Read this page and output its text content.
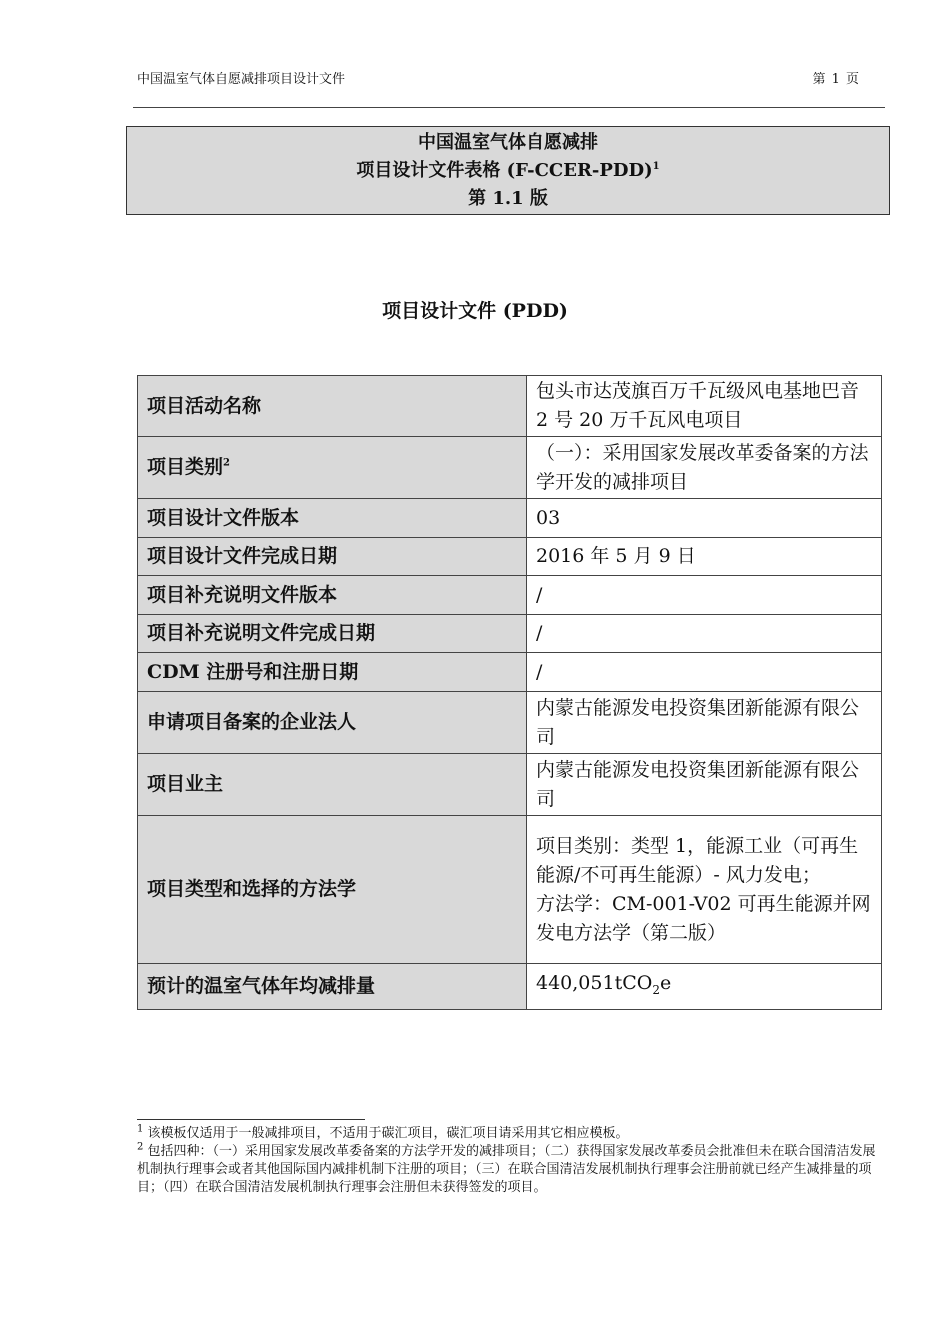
中国温室气体自愿减排项目设计文件	第 1 页
中国温室气体自愿减排
项目设计文件表格 (F-CCER-PDD)$^1$
第 1.1 版
项目设计文件 (PDD)
项目活动名称	包头市达茂旗百万千瓦级风电基地巴音 2 号 20 万千瓦风电项目
项目类别$^2$	（一）：采用国家发展改革委备案的方法学开发的减排项目
项目设计文件版本	03
项目设计文件完成日期	2016 年 5 月 9 日
项目补充说明文件版本	/
项目补充说明文件完成日期	/
CDM 注册号和注册日期	/
申请项目备案的企业法人	内蒙古能源发电投资集团新能源有限公司
项目业主	内蒙古能源发电投资集团新能源有限公司
项目类型和选择的方法学	项目类别：类型 1，能源工业（可再生能源/不可再生能源）- 风力发电；
方法学：CM-001-V02 可再生能源并网发电方法学（第二版）

预计的温室气体年均减排量	440,051tCO$_2$e

$^1$ 该模板仅适用于一般减排项目，不适用于碳汇项目，碳汇项目请采用其它相应模板。

$^2$ 包括四种：（一）采用国家发展改革委备案的方法学开发的减排项目；（二）获得国家发展改革委员会批准但未在联合国清洁发展机制执行理事会或者其他国际国内减排机制下注册的项目；（三）在联合国清洁发展机制执行理事会注册前就已经产生减排量的项目；（四）在联合国清洁发展机制执行理事会注册但未获得签发的项目。
